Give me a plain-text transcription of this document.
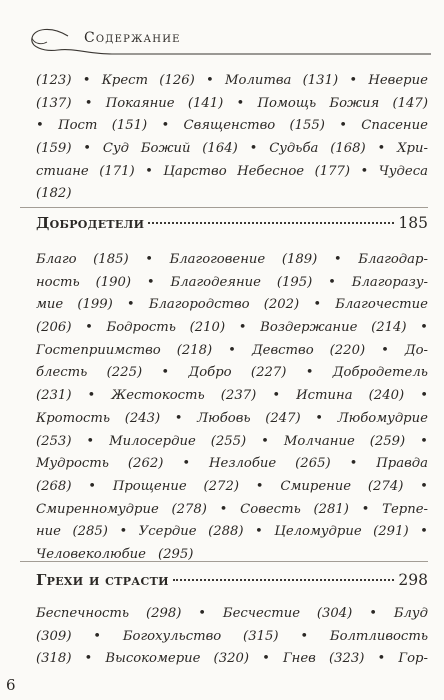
Содержание
(123) • Крест (126) • Молитва (131) • Неверие
(137) • Покаяние (141) • Помощь Божия (147)
• Пост (151) • Священство (155) • Спасение
(159) • Суд Божий (164) • Судьба (168) • Хри-
стиане (171) • Царство Небесное (177) • Чудеса
(182)
Добродетели	185
Благо (185) • Благоговение (189) • Благодар-
ность (190) • Благодеяние (195) • Благоразу-
мие (199) • Благородство (202) • Благочестие
(206) • Бодрость (210) • Воздержание (214) •
Гостеприимство (218) • Девство (220) • До-
блесть (225) • Добро (227) • Добродетель
(231) • Жестокость (237) • Истина (240) •
Кротость (243) • Любовь (247) • Любомудрие
(253) • Милосердие (255) • Молчание (259) •
Мудрость (262) • Незлобие (265) • Правда
(268) • Прощение (272) • Смирение (274) •
Смиренномудрие (278) • Совесть (281) • Терпе-
ние (285) • Усердие (288) • Целомудрие (291) •
Человеколюбие (295)
Грехи и страсти	298
Беспечность (298) • Бесчестие (304) • Блуд
(309) • Богохульство (315) • Болтливость
(318) • Высокомерие (320) • Гнев (323) • Гор-
6
